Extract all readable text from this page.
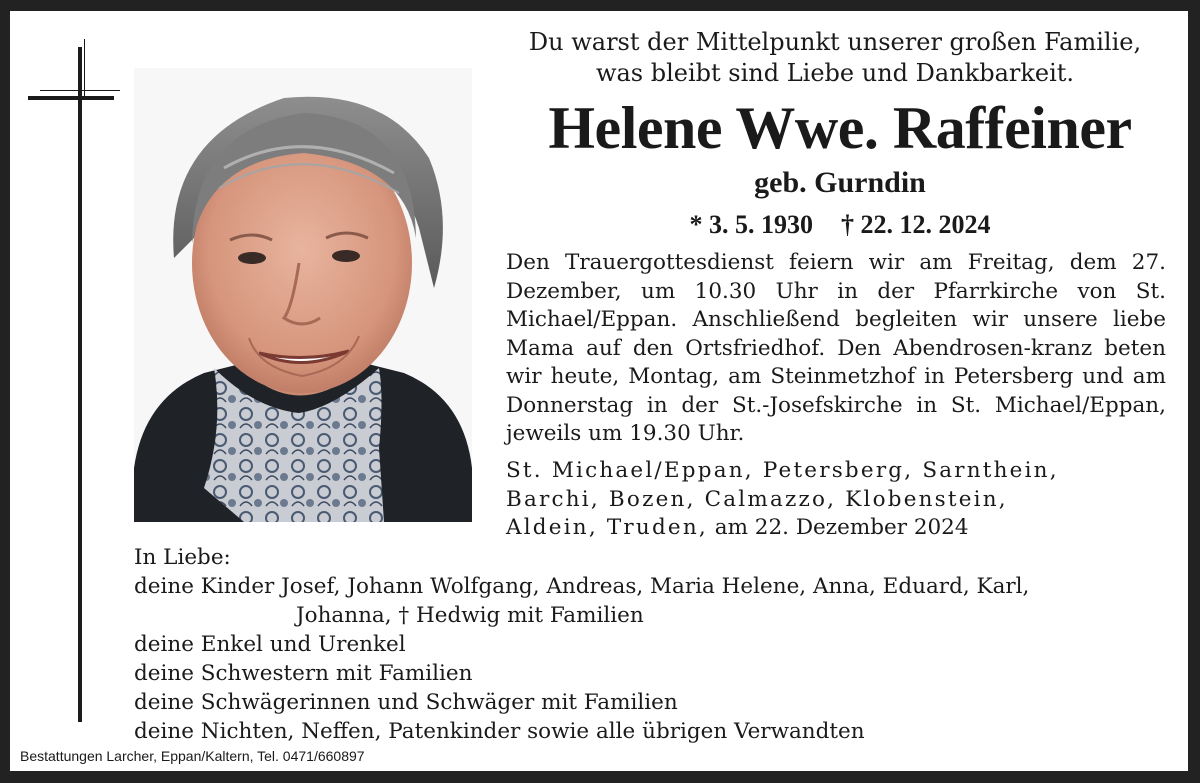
Du warst der Mittelpunkt unserer großen Familie,
was bleibt sind Liebe und Dankbarkeit.
Helene Wwe. Raffeiner
geb. Gurndin
* 3. 5. 1930 † 22. 12. 2024
Den Trauergottesdienst feiern wir am Freitag, dem 27. Dezember, um 10.30 Uhr in der Pfarrkirche von St. Michael/Eppan. Anschließend begleiten wir unsere liebe Mama auf den Ortsfriedhof. Den Abendrosen-kranz beten wir heute, Montag, am Steinmetzhof in Petersberg und am Donnerstag in der St.-Josefskirche in St. Michael/Eppan, jeweils um 19.30 Uhr.
St. Michael/Eppan, Petersberg, Sarnthein,
Barchi, Bozen, Calmazzo, Klobenstein,
Aldein, Truden, am 22. Dezember 2024
In Liebe:
deine Kinder Josef, Johann Wolfgang, Andreas, Maria Helene, Anna, Eduard, Karl,
Johanna, † Hedwig mit Familien
deine Enkel und Urenkel
deine Schwestern mit Familien
deine Schwägerinnen und Schwäger mit Familien
deine Nichten, Neffen, Patenkinder sowie alle übrigen Verwandten
Bestattungen Larcher, Eppan/Kaltern, Tel. 0471/660897
